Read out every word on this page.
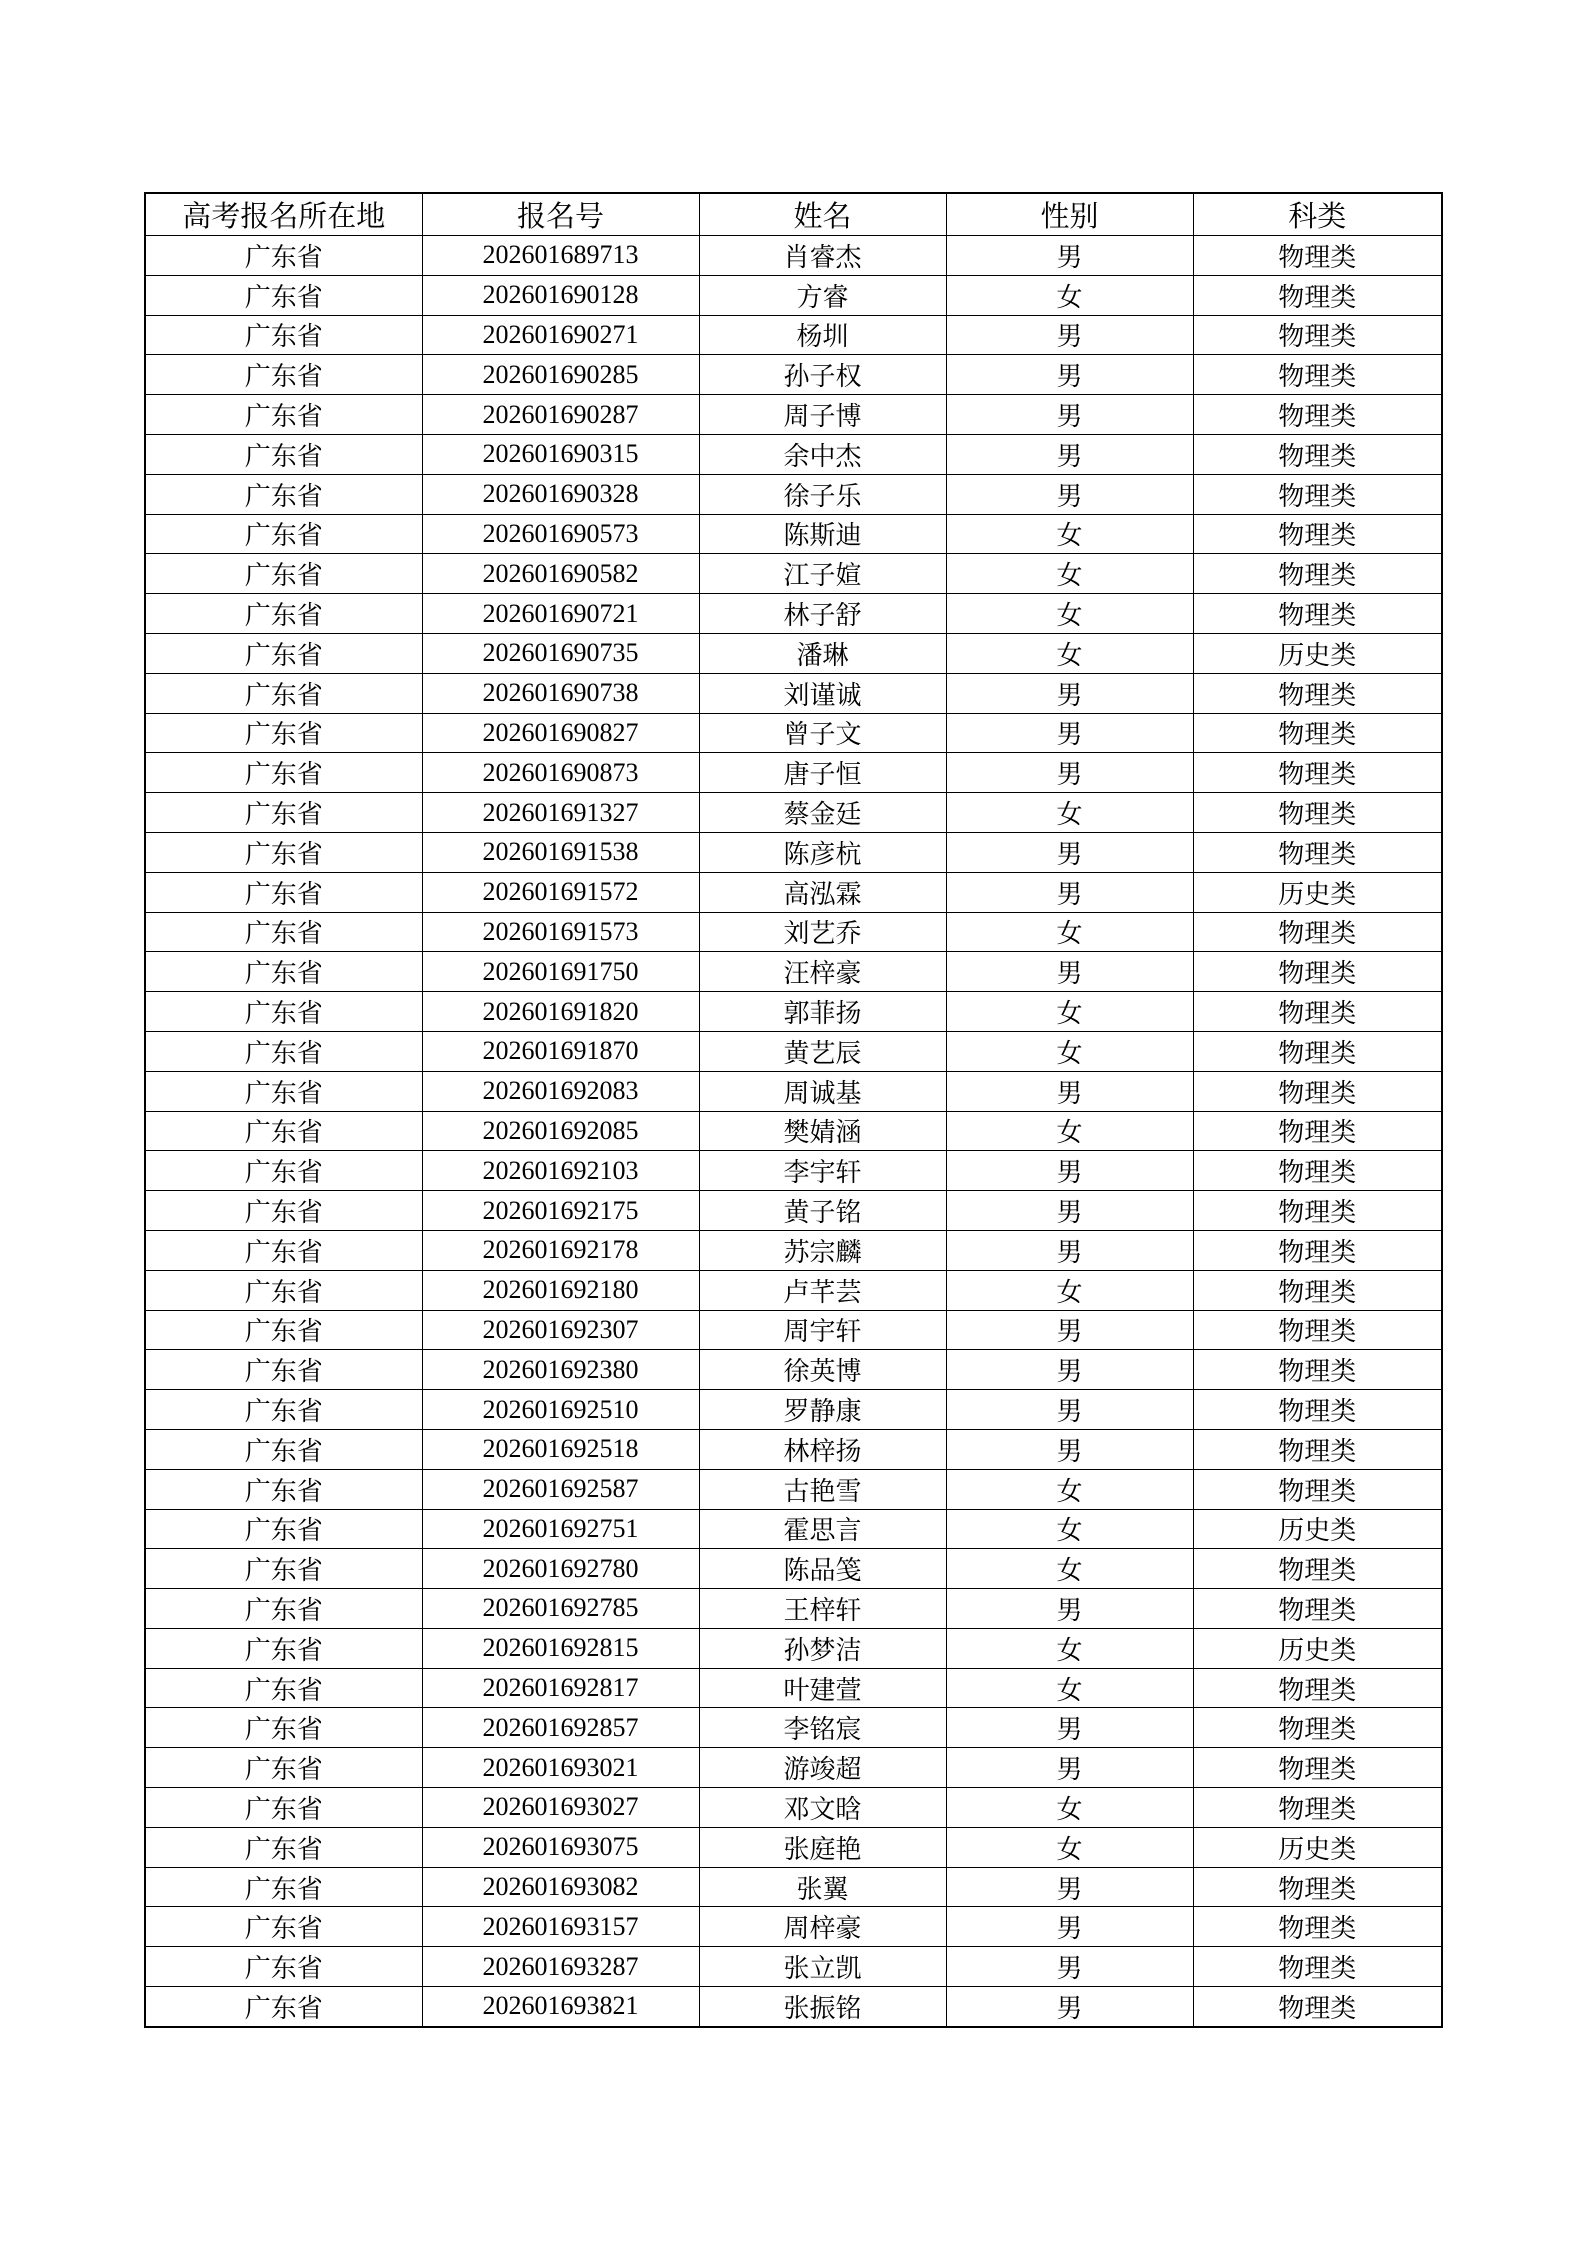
高考报名所在地	报名号	姓名	性别	科类
广东省	202601689713	肖睿杰	男	物理类
广东省	202601690128	方睿	女	物理类
广东省	202601690271	杨圳	男	物理类
广东省	202601690285	孙子权	男	物理类
广东省	202601690287	周子博	男	物理类
广东省	202601690315	余中杰	男	物理类
广东省	202601690328	徐子乐	男	物理类
广东省	202601690573	陈斯迪	女	物理类
广东省	202601690582	江子媗	女	物理类
广东省	202601690721	林子舒	女	物理类
广东省	202601690735	潘琳	女	历史类
广东省	202601690738	刘谨诚	男	物理类
广东省	202601690827	曾子文	男	物理类
广东省	202601690873	唐子恒	男	物理类
广东省	202601691327	蔡金廷	女	物理类
广东省	202601691538	陈彦杭	男	物理类
广东省	202601691572	高泓霖	男	历史类
广东省	202601691573	刘艺乔	女	物理类
广东省	202601691750	汪梓豪	男	物理类
广东省	202601691820	郭菲扬	女	物理类
广东省	202601691870	黄艺辰	女	物理类
广东省	202601692083	周诚基	男	物理类
广东省	202601692085	樊婧涵	女	物理类
广东省	202601692103	李宇轩	男	物理类
广东省	202601692175	黄子铭	男	物理类
广东省	202601692178	苏宗麟	男	物理类
广东省	202601692180	卢芊芸	女	物理类
广东省	202601692307	周宇轩	男	物理类
广东省	202601692380	徐英博	男	物理类
广东省	202601692510	罗静康	男	物理类
广东省	202601692518	林梓扬	男	物理类
广东省	202601692587	古艳雪	女	物理类
广东省	202601692751	霍思言	女	历史类
广东省	202601692780	陈品笺	女	物理类
广东省	202601692785	王梓轩	男	物理类
广东省	202601692815	孙梦洁	女	历史类
广东省	202601692817	叶建萱	女	物理类
广东省	202601692857	李铭宸	男	物理类
广东省	202601693021	游竣超	男	物理类
广东省	202601693027	邓文晗	女	物理类
广东省	202601693075	张庭艳	女	历史类
广东省	202601693082	张翼	男	物理类
广东省	202601693157	周梓豪	男	物理类
广东省	202601693287	张立凯	男	物理类
广东省	202601693821	张振铭	男	物理类
